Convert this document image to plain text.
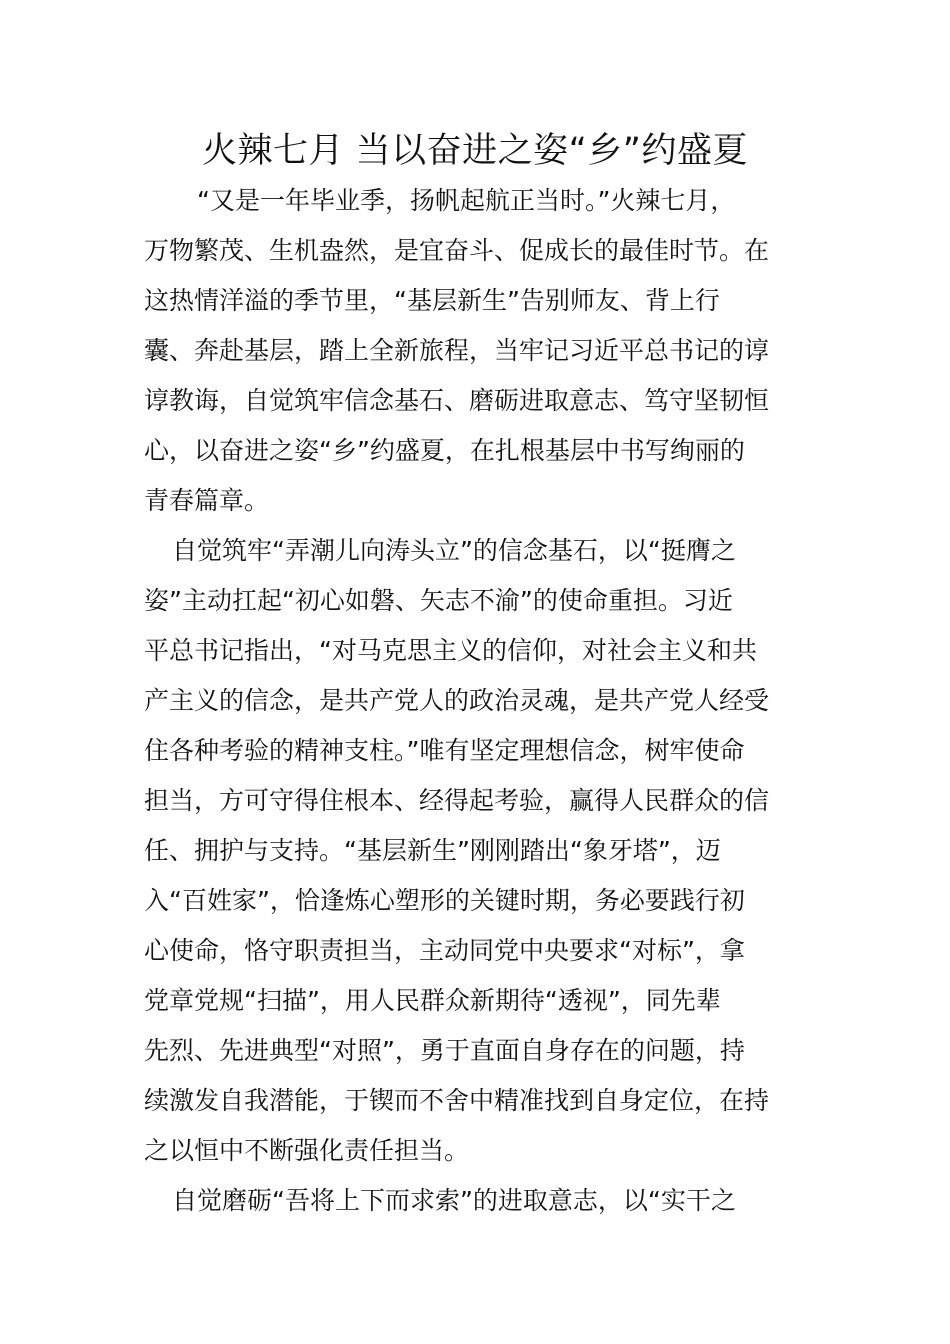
火辣七月 当以奋进之姿“乡”约盛夏
　“又是一年毕业季，扬帆起航正当时。”火辣七月，
万物繁茂、生机盎然，是宜奋斗、促成长的最佳时节。在
这热情洋溢的季节里，“基层新生”告别师友、背上行
囊、奔赴基层，踏上全新旅程，当牢记习近平总书记的谆
谆教诲，自觉筑牢信念基石、磨砺进取意志、笃守坚韧恒
心，以奋进之姿“乡”约盛夏，在扎根基层中书写绚丽的
青春篇章。
自觉筑牢“弄潮儿向涛头立”的信念基石，以“挺膺之
姿”主动扛起“初心如磐、矢志不渝”的使命重担。习近
平总书记指出，“对马克思主义的信仰，对社会主义和共
产主义的信念，是共产党人的政治灵魂，是共产党人经受
住各种考验的精神支柱。”唯有坚定理想信念，树牢使命
担当，方可守得住根本、经得起考验，赢得人民群众的信
任、拥护与支持。“基层新生”刚刚踏出“象牙塔”，迈
入“百姓家”，恰逢炼心塑形的关键时期，务必要践行初
心使命，恪守职责担当，主动同党中央要求“对标”，拿
党章党规“扫描”，用人民群众新期待“透视”，同先辈
先烈、先进典型“对照”，勇于直面自身存在的问题，持
续激发自我潜能，于锲而不舍中精准找到自身定位，在持
之以恒中不断强化责任担当。
自觉磨砺“吾将上下而求索”的进取意志，以“实干之
